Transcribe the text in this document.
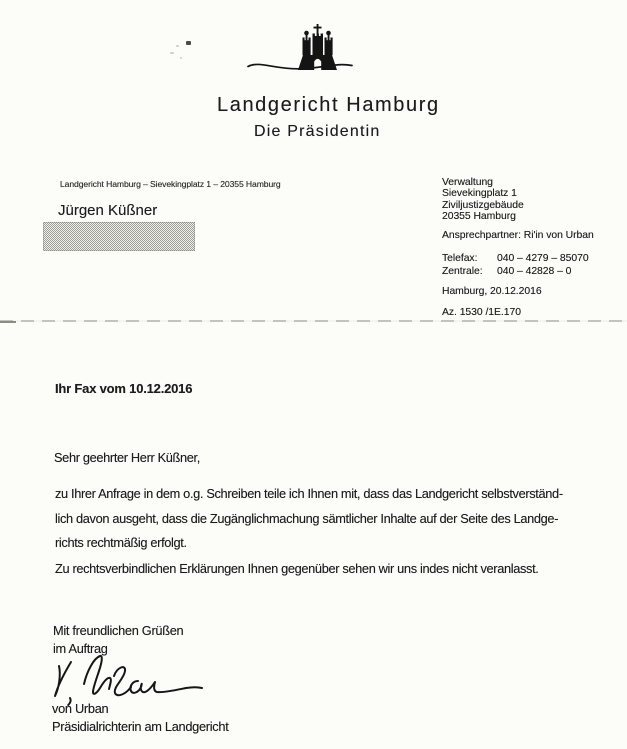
Landgericht Hamburg
Die Präsidentin
Landgericht Hamburg – Sievekingplatz 1 – 20355 Hamburg
Jürgen Küßner
Verwaltung
Sievekingplatz 1
Ziviljustizgebäude
20355 Hamburg
Ansprechpartner: Ri'in von Urban
Telefax:	040 – 4279 – 85070
Zentrale:	040 – 42828 – 0
Hamburg, 20.12.2016
Az. 1530 /1E.170
Ihr Fax vom 10.12.2016
Sehr geehrter Herr Küßner,
zu Ihrer Anfrage in dem o.g. Schreiben teile ich Ihnen mit, dass das Landgericht selbstverständ-
lich davon ausgeht, dass die Zugänglichmachung sämtlicher Inhalte auf der Seite des Landge-
richts rechtmäßig erfolgt.
Zu rechtsverbindlichen Erklärungen Ihnen gegenüber sehen wir uns indes nicht veranlasst.
Mit freundlichen Grüßen
im Auftrag
von Urban
Präsidialrichterin am Landgericht
